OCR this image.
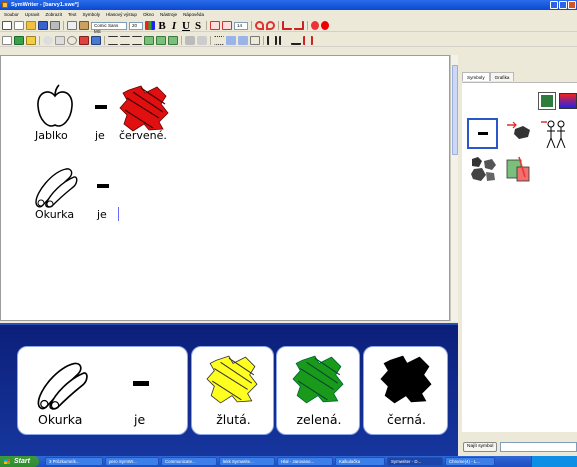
SymWriter - [barvy1.swe*]
Soubor	Upravit	Zobrazit	Text	Symboly	Hlasový výstup	Okno	Nástroje	Nápověda
Comic Sans MS
20	B I U S	14
Jablko je červené.
Okurka je
Okurka	je	žlutá.	zelená.	černá.
Symboly	Grafika
Najít symbol
Start	3 Průzkumník...	pero SymWr...	Communicate...	lekk Symwrite...	Hlal - Jarovano...	Kalkulačka	Symwriter - D...	Chrome(4) - L...
